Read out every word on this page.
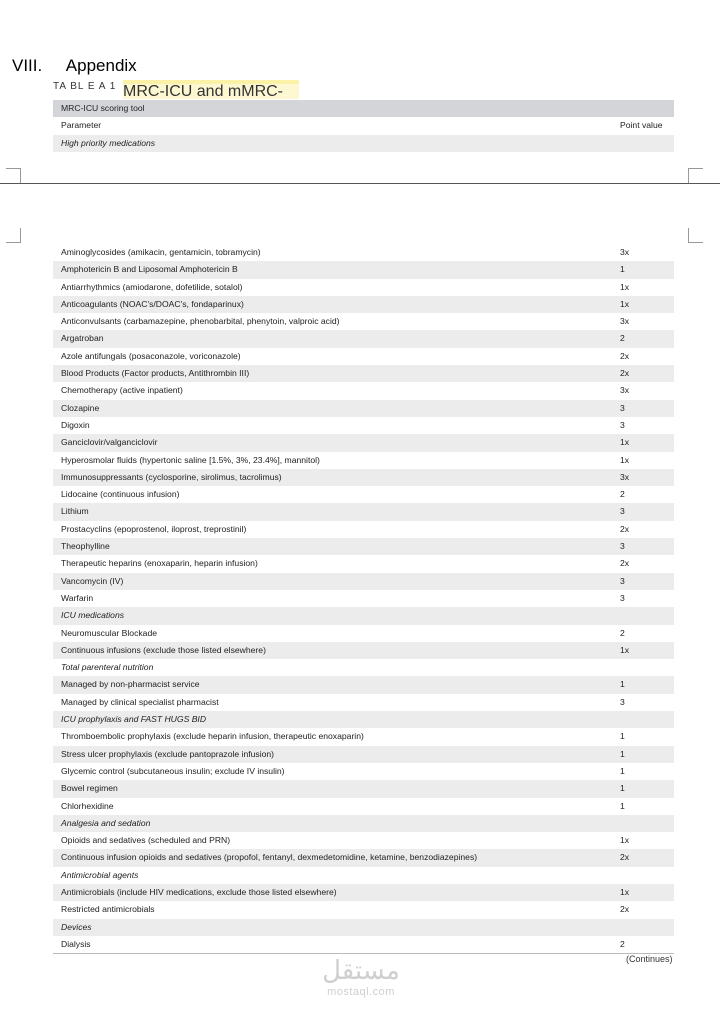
VIII. Appendix
TA BL E A 1 MRC-ICU and mMRC-
MRC-ICU scoring tool
Parameter	Point value
High priority medications
Aminoglycosides (amikacin, gentamicin, tobramycin)	3x
Amphotericin B and Liposomal Amphotericin B	1
Antiarrhythmics (amiodarone, dofetilide, sotalol)	1x
Anticoagulants (NOAC's/DOAC's, fondaparinux)	1x
Anticonvulsants (carbamazepine, phenobarbital, phenytoin, valproic acid)	3x
Argatroban	2
Azole antifungals (posaconazole, voriconazole)	2x
Blood Products (Factor products, Antithrombin III)	2x
Chemotherapy (active inpatient)	3x
Clozapine	3
Digoxin	3
Ganciclovir/valganciclovir	1x
Hyperosmolar fluids (hypertonic saline [1.5%, 3%, 23.4%], mannitol)	1x
Immunosuppressants (cyclosporine, sirolimus, tacrolimus)	3x
Lidocaine (continuous infusion)	2
Lithium	3
Prostacyclins (epoprostenol, iloprost, treprostinil)	2x
Theophylline	3
Therapeutic heparins (enoxaparin, heparin infusion)	2x
Vancomycin (IV)	3
Warfarin	3
ICU medications
Neuromuscular Blockade	2
Continuous infusions (exclude those listed elsewhere)	1x
Total parenteral nutrition
Managed by non-pharmacist service	1
Managed by clinical specialist pharmacist	3
ICU prophylaxis and FAST HUGS BID
Thromboembolic prophylaxis (exclude heparin infusion, therapeutic enoxaparin)	1
Stress ulcer prophylaxis (exclude pantoprazole infusion)	1
Glycemic control (subcutaneous insulin; exclude IV insulin)	1
Bowel regimen	1
Chlorhexidine	1
Analgesia and sedation
Opioids and sedatives (scheduled and PRN)	1x
Continuous infusion opioids and sedatives (propofol, fentanyl, dexmedetomidine, ketamine, benzodiazepines)	2x
Antimicrobial agents
Antimicrobials (include HIV medications, exclude those listed elsewhere)	1x
Restricted antimicrobials	2x
Devices
Dialysis	2
(Continues)
مستقل
mostaql.com
